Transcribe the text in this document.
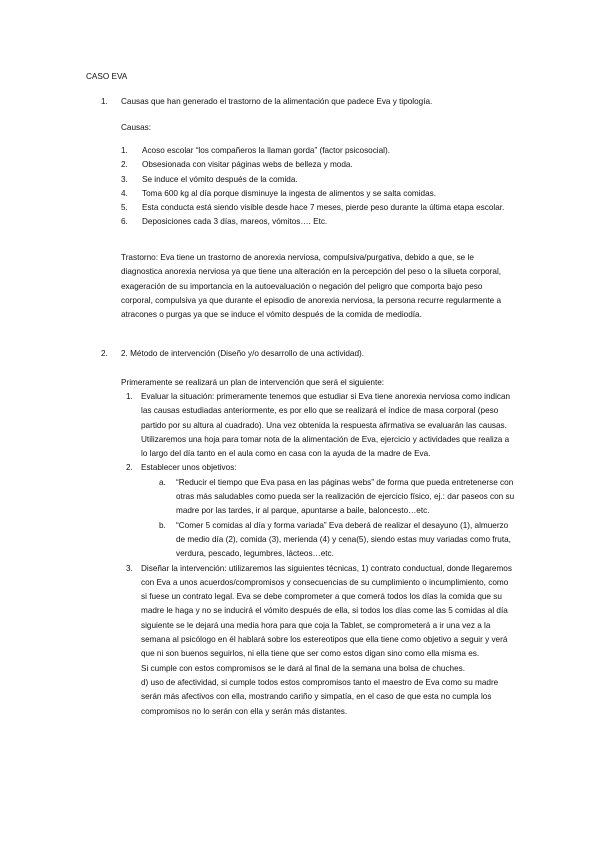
CASO EVA
1. Causas que han generado el trastorno de la alimentación que padece Eva y tipología.
Causas:
1. Acoso escolar “los compañeros la llaman gorda” (factor psicosocial).
2. Obsesionada con visitar páginas webs de belleza y moda.
3. Se induce el vómito después de la comida.
4. Toma 600 kg al día porque disminuye la ingesta de alimentos y se salta comidas.
5. Esta conducta está siendo visible desde hace 7 meses, pierde peso durante la última etapa escolar.
6. Deposiciones cada 3 días, mareos, vómitos…. Etc.

Trastorno: Eva tiene un trastorno de anorexia nerviosa, compulsiva/purgativa, debido a que, se le diagnostica anorexia nerviosa ya que tiene una alteración en la percepción del peso o la silueta corporal, exageración de su importancia en la autoevaluación o negación del peligro que comporta bajo peso corporal, compulsiva ya que durante el episodio de anorexia nerviosa, la persona recurre regularmente a atracones o purgas ya que se induce el vómito después de la comida de mediodía.

2. 2. Método de intervención (Diseño y/o desarrollo de una actividad).
Primeramente se realizará un plan de intervención que será el siguiente:
1. Evaluar la situación: primeramente tenemos que estudiar si Eva tiene anorexia nerviosa como indican las causas estudiadas anteriormente, es por ello que se realizará el índice de masa corporal (peso partido por su altura al cuadrado). Una vez obtenida la respuesta afirmativa se evaluarán las causas. Utilizaremos una hoja para tomar nota de la alimentación de Eva, ejercicio y actividades que realiza a lo largo del día tanto en el aula como en casa con la ayuda de la madre de Eva.

2. Establecer unos objetivos:

a. “Reducir el tiempo que Eva pasa en las páginas webs” de forma que pueda entretenerse con otras más saludables como pueda ser la realización de ejercicio físico, ej.: dar paseos con su madre por las tardes, ir al parque, apuntarse a baile, baloncesto…etc.
b. “Comer 5 comidas al día y forma variada” Eva deberá de realizar el desayuno (1), almuerzo de medio día (2), comida (3), merienda (4) y cena(5), siendo estas muy variadas como fruta, verdura, pescado, legumbres, lácteos…etc.
3. Diseñar la intervención: utilizaremos las siguientes técnicas, 1) contrato conductual, donde llegaremos con Eva a unos acuerdos/compromisos y consecuencias de su cumplimiento o incumplimiento, como si fuese un contrato legal. Eva se debe comprometer a que comerá todos los días la comida que su madre le haga y no se inducirá el vómito después de ella, si todos los días come las 5 comidas al día siguiente se le dejará una media hora para que coja la Tablet, se comprometerá a ir una vez a la semana al psicólogo en él hablará sobre los estereotipos que ella tiene como objetivo a seguir y verá que ni son buenos seguirlos, ni ella tiene que ser como estos digan sino como ella misma es.

Si cumple con estos compromisos se le dará al final de la semana una bolsa de chuches.

d) uso de afectividad, si cumple todos estos compromisos tanto el maestro de Eva como su madre serán más afectivos con ella, mostrando cariño y simpatía, en el caso de que esta no cumpla los compromisos no lo serán con ella y serán más distantes.
